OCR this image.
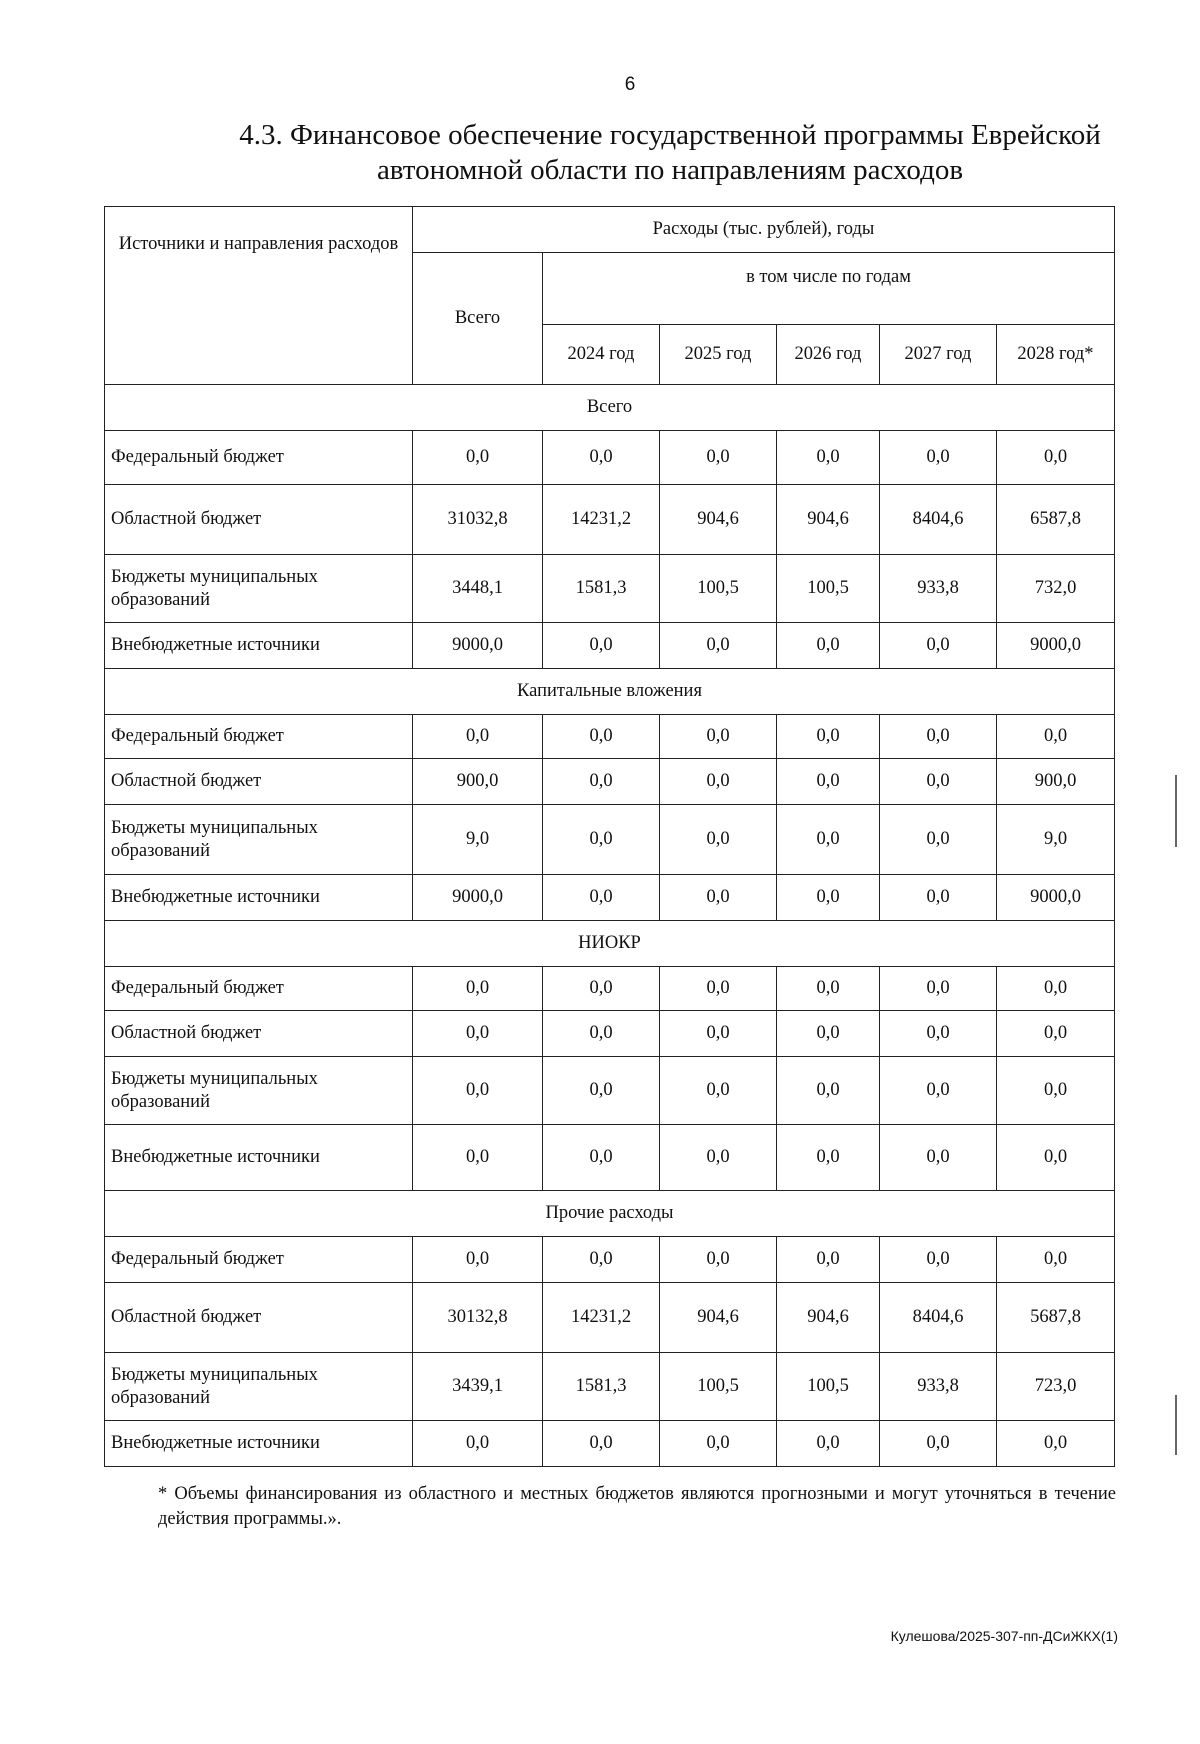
6
4.3. Финансовое обеспечение государственной программы Еврейской
автономной области по направлениям расходов
Источники и направления расходов	Расходы (тыс. рублей), годы					
	Всего	в том числе по годам				
		2024 год	2025 год	2026 год	2027 год	2028 год*
Всего						
Федеральный бюджет	0,0	0,0	0,0	0,0	0,0	0,0
Областной бюджет	31032,8	14231,2	904,6	904,6	8404,6	6587,8
Бюджеты муниципальных образований	3448,1	1581,3	100,5	100,5	933,8	732,0
Внебюджетные источники	9000,0	0,0	0,0	0,0	0,0	9000,0
Капитальные вложения						
Федеральный бюджет	0,0	0,0	0,0	0,0	0,0	0,0
Областной бюджет	900,0	0,0	0,0	0,0	0,0	900,0
Бюджеты муниципальных образований	9,0	0,0	0,0	0,0	0,0	9,0
Внебюджетные источники	9000,0	0,0	0,0	0,0	0,0	9000,0
НИОКР						
Федеральный бюджет	0,0	0,0	0,0	0,0	0,0	0,0
Областной бюджет	0,0	0,0	0,0	0,0	0,0	0,0
Бюджеты муниципальных образований	0,0	0,0	0,0	0,0	0,0	0,0
Внебюджетные источники	0,0	0,0	0,0	0,0	0,0	0,0
Прочие расходы						
Федеральный бюджет	0,0	0,0	0,0	0,0	0,0	0,0
Областной бюджет	30132,8	14231,2	904,6	904,6	8404,6	5687,8
Бюджеты муниципальных образований	3439,1	1581,3	100,5	100,5	933,8	723,0
Внебюджетные источники	0,0	0,0	0,0	0,0	0,0	0,0
* Объемы финансирования из областного и местных бюджетов являются прогнозными и могут уточняться в течение действия программы.».
Кулешова/2025-307-пп-ДСиЖКХ(1)
